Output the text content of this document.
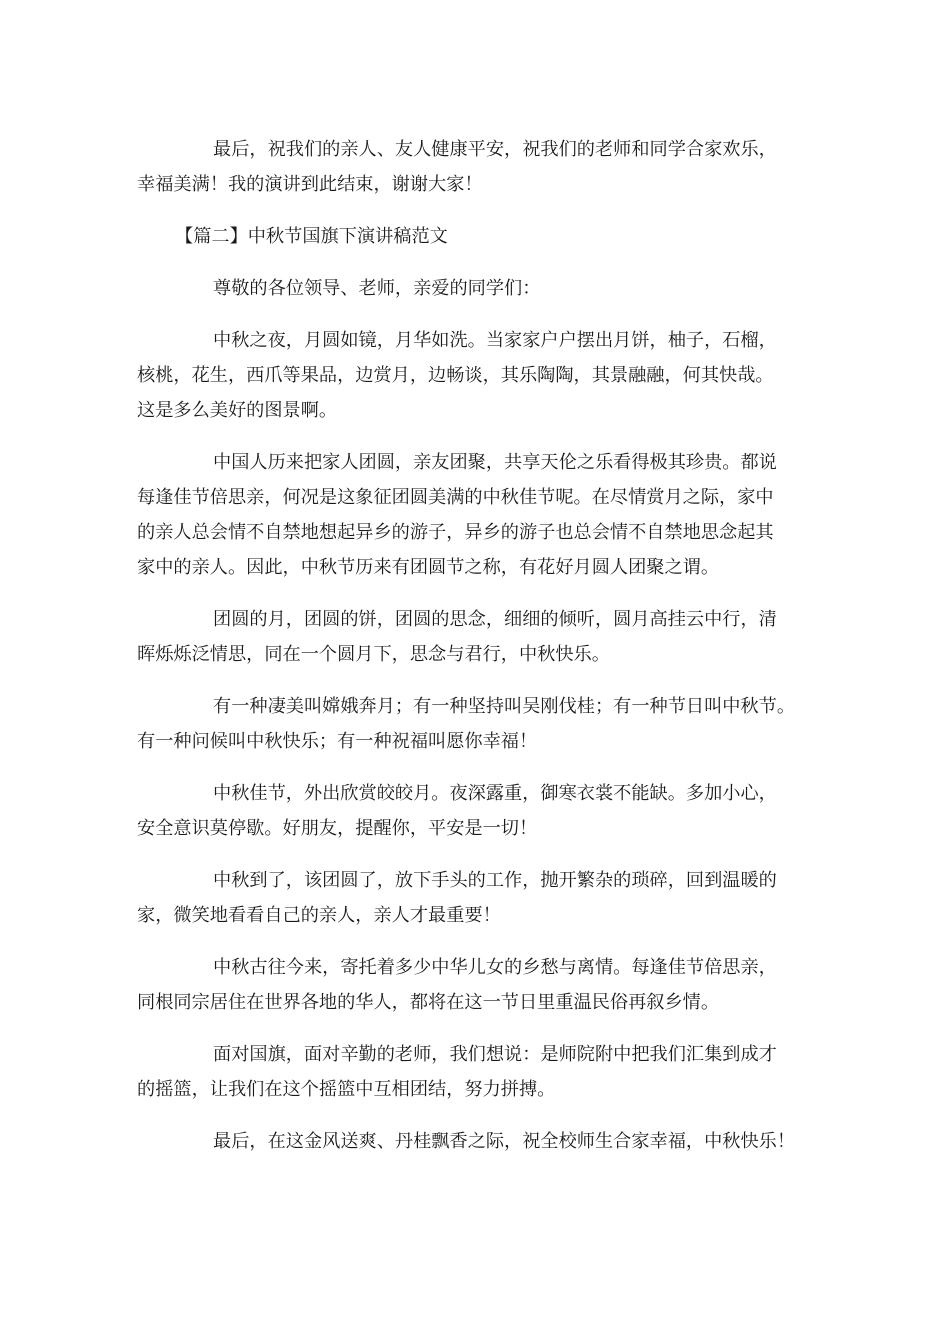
最后，祝我们的亲人、友人健康平安，祝我们的老师和同学合家欢乐，
幸福美满！我的演讲到此结束，谢谢大家！
【篇二】中秋节国旗下演讲稿范文
尊敬的各位领导、老师，亲爱的同学们：
中秋之夜，月圆如镜，月华如洗。当家家户户摆出月饼，柚子，石榴，
核桃，花生，西爪等果品，边赏月，边畅谈，其乐陶陶，其景融融，何其快哉。
这是多么美好的图景啊。
中国人历来把家人团圆，亲友团聚，共享天伦之乐看得极其珍贵。都说
每逢佳节倍思亲，何况是这象征团圆美满的中秋佳节呢。在尽情赏月之际，家中
的亲人总会情不自禁地想起异乡的游子，异乡的游子也总会情不自禁地思念起其
家中的亲人。因此，中秋节历来有团圆节之称，有花好月圆人团聚之谓。
团圆的月，团圆的饼，团圆的思念，细细的倾听，圆月高挂云中行，清
晖烁烁泛情思，同在一个圆月下，思念与君行，中秋快乐。
有一种凄美叫嫦娥奔月；有一种坚持叫吴刚伐桂；有一种节日叫中秋节。
有一种问候叫中秋快乐；有一种祝福叫愿你幸福！
中秋佳节，外出欣赏皎皎月。夜深露重，御寒衣裳不能缺。多加小心，
安全意识莫停歇。好朋友，提醒你，平安是一切！
中秋到了，该团圆了，放下手头的工作，抛开繁杂的琐碎，回到温暖的
家，微笑地看看自己的亲人，亲人才最重要！
中秋古往今来，寄托着多少中华儿女的乡愁与离情。每逢佳节倍思亲，
同根同宗居住在世界各地的华人，都将在这一节日里重温民俗再叙乡情。
面对国旗，面对辛勤的老师，我们想说：是师院附中把我们汇集到成才
的摇篮，让我们在这个摇篮中互相团结，努力拼搏。
最后，在这金风送爽、丹桂飘香之际，祝全校师生合家幸福，中秋快乐！
